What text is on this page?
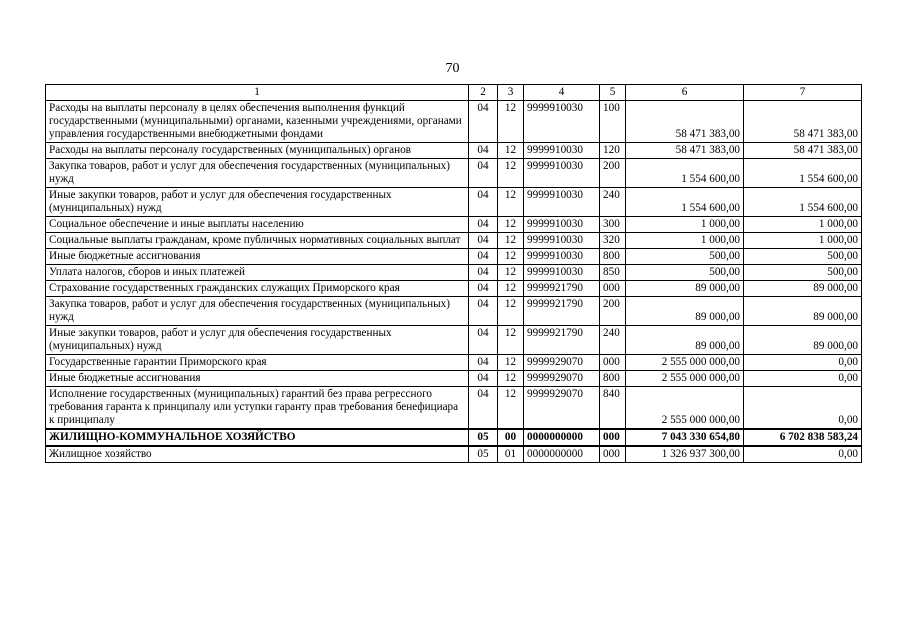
70
1	2	3	4	5	6	7
Расходы на выплаты персоналу в целях обеспечения выполнения функций государственными (муниципальными) органами, казенными учреждениями, органами управления государственными внебюджетными фондами	04	12	9999910030	100	58 471 383,00	58 471 383,00
Расходы на выплаты персоналу государственных (муниципальных) органов	04	12	9999910030	120	58 471 383,00	58 471 383,00
Закупка товаров, работ и услуг для обеспечения государственных (муниципальных) нужд	04	12	9999910030	200	1 554 600,00	1 554 600,00
Иные закупки товаров, работ и услуг для обеспечения государственных (муниципальных) нужд	04	12	9999910030	240	1 554 600,00	1 554 600,00
Социальное обеспечение и иные выплаты населению	04	12	9999910030	300	1 000,00	1 000,00
Социальные выплаты гражданам, кроме публичных нормативных социальных выплат	04	12	9999910030	320	1 000,00	1 000,00
Иные бюджетные ассигнования	04	12	9999910030	800	500,00	500,00
Уплата налогов, сборов и иных платежей	04	12	9999910030	850	500,00	500,00
Страхование государственных гражданских служащих Приморского края	04	12	9999921790	000	89 000,00	89 000,00
Закупка товаров, работ и услуг для обеспечения государственных (муниципальных) нужд	04	12	9999921790	200	89 000,00	89 000,00
Иные закупки товаров, работ и услуг для обеспечения государственных (муниципальных) нужд	04	12	9999921790	240	89 000,00	89 000,00
Государственные гарантии Приморского края	04	12	9999929070	000	2 555 000 000,00	0,00
Иные бюджетные ассигнования	04	12	9999929070	800	2 555 000 000,00	0,00
Исполнение государственных (муниципальных) гарантий без права регрессного требования гаранта к принципалу или уступки гаранту прав требования бенефициара к принципалу	04	12	9999929070	840	2 555 000 000,00	0,00
ЖИЛИЩНО-КОММУНАЛЬНОЕ ХОЗЯЙСТВО	05	00	0000000000	000	7 043 330 654,80	6 702 838 583,24
Жилищное хозяйство	05	01	0000000000	000	1 326 937 300,00	0,00
